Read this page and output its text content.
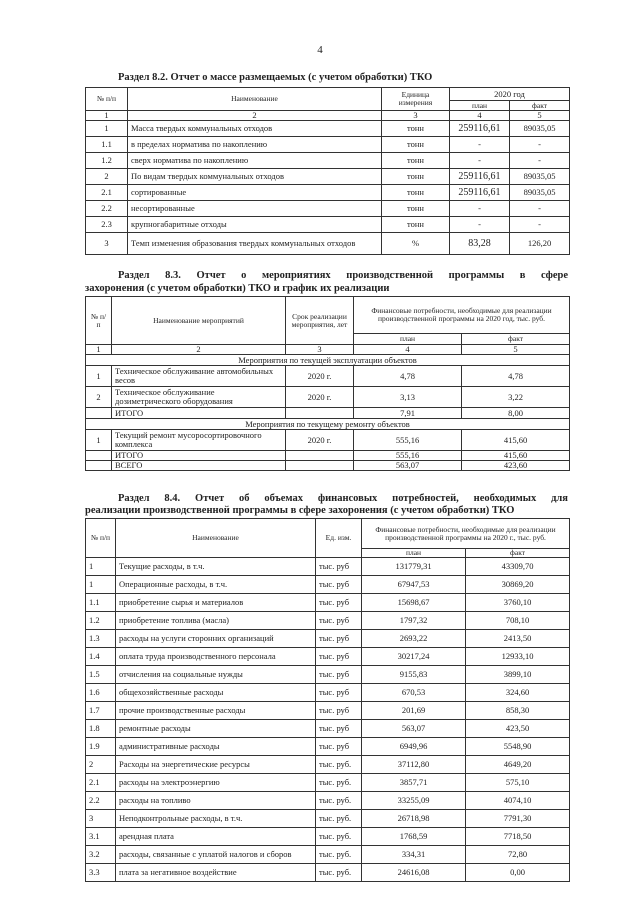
4
Раздел 8.2. Отчет о массе размещаемых (с учетом обработки) ТКО
№ п/п	Наименование	Единица измерения	2020 год	
			план	факт
1	2	3	4	5
1	Масса твердых коммунальных отходов	тонн	259116,61	89035,05
1.1	в пределах норматива по накоплению	тонн	-	-
1.2	сверх норматива по накоплению	тонн	-	-
2	По видам твердых коммунальных отходов	тонн	259116,61	89035,05
2.1	сортированные	тонн	259116,61	89035,05
2.2	несортированные	тонн	-	-
2.3	крупногабаритные отходы	тонн	-	-
3	Темп изменения образования твердых коммунальных отходов	%	83,28	126,20
Раздел 8.3. Отчет о мероприятиях производственной программы в сфере
захоронения (с учетом обработки) ТКО и график их реализации
№ п/п	Наименование мероприятий	Срок реализации мероприятия, лет	Финансовые потребности, необходимые для реализации производственной программы на 2020 год, тыс. руб.	
			план	факт
1	2	3	4	5
Мероприятия по текущей эксплуатации объектов				
1	Техническое обслуживание автомобильных весов	2020 г.	4,78	4,78
2	Техническое обслуживание дозиметрического оборудования	2020 г.	3,13	3,22
	ИТОГО		7,91	8,00
Мероприятия по текущему ремонту объектов				
1	Текущий ремонт мусоросортировочного комплекса	2020 г.	555,16	415,60
	ИТОГО		555,16	415,60
	ВСЕГО		563,07	423,60
Раздел 8.4. Отчет об объемах финансовых потребностей, необходимых для
реализации производственной программы в сфере захоронения (с учетом обработки) ТКО
№ п/п	Наименование	Ед. изм.	Финансовые потребности, необходимые для реализации производственной программы на 2020 г., тыс. руб.	
			план	факт
1	Текущие расходы, в т.ч.	тыс. руб	131779,31	43309,70
1	Операционные расходы, в т.ч.	тыс. руб	67947,53	30869,20
1.1	приобретение сырья и материалов	тыс. руб	15698,67	3760,10
1.2	приобретение топлива (масла)	тыс. руб	1797,32	708,10
1.3	расходы на услуги сторонних организаций	тыс. руб	2693,22	2413,50
1.4	оплата труда производственного персонала	тыс. руб	30217,24	12933,10
1.5	отчисления на социальные нужды	тыс. руб	9155,83	3899,10
1.6	общехозяйственные расходы	тыс. руб	670,53	324,60
1.7	прочие производственные расходы	тыс. руб	201,69	858,30
1.8	ремонтные расходы	тыс. руб	563,07	423,50
1.9	административные расходы	тыс. руб	6949,96	5548,90
2	Расходы на энергетические ресурсы	тыс. руб.	37112,80	4649,20
2.1	расходы на электроэнергию	тыс. руб.	3857,71	575,10
2.2	расходы на топливо	тыс. руб.	33255,09	4074,10
3	Неподконтрольные расходы, в т.ч.	тыс. руб.	26718,98	7791,30
3.1	арендная плата	тыс. руб.	1768,59	7718,50
3.2	расходы, связанные с уплатой налогов и сборов	тыс. руб.	334,31	72,80
3.3	плата за негативное воздействие	тыс. руб.	24616,08	0,00
